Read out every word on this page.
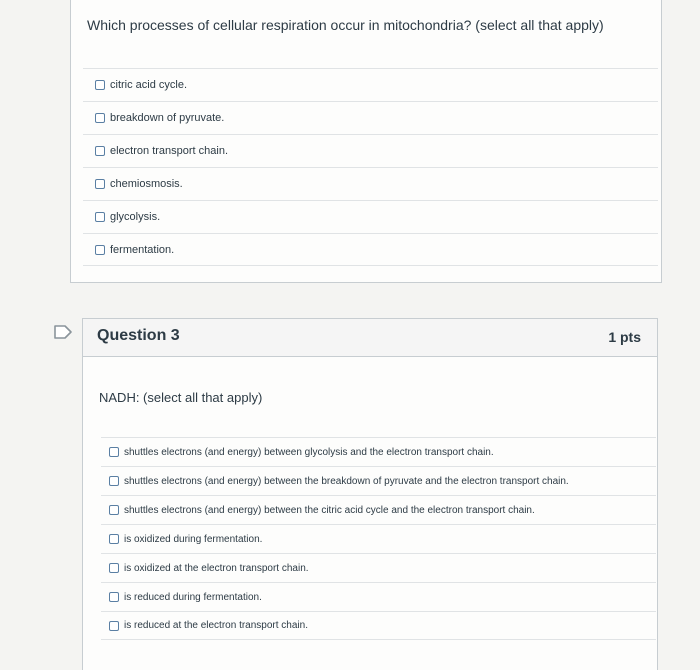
Which processes of cellular respiration occur in mitochondria? (select all that apply)
citric acid cycle.
breakdown of pyruvate.
electron transport chain.
chemiosmosis.
glycolysis.
fermentation.
Question 3	1 pts
NADH: (select all that apply)
shuttles electrons (and energy) between glycolysis and the electron transport chain.
shuttles electrons (and energy) between the breakdown of pyruvate and the electron transport chain.
shuttles electrons (and energy) between the citric acid cycle and the electron transport chain.
is oxidized during fermentation.
is oxidized at the electron transport chain.
is reduced during fermentation.
is reduced at the electron transport chain.
